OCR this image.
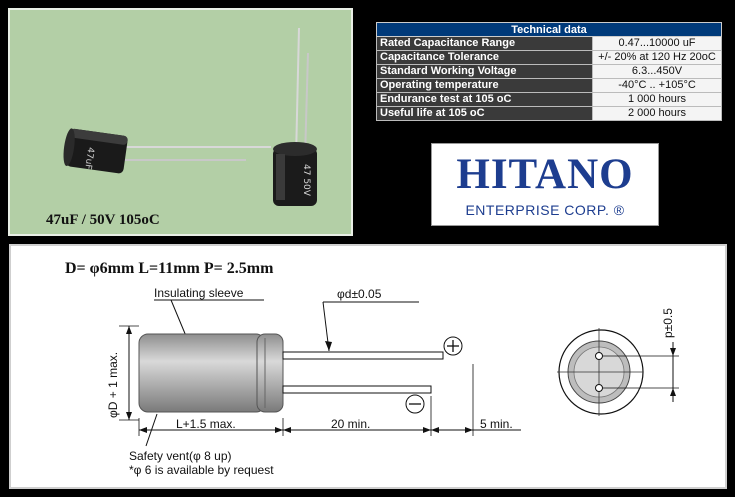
47uF
47 50V
47uF / 50V 105oC
Technical data	
Rated Capacitance Range	0.47...10000 uF
Capacitance Tolerance	+/- 20% at 120 Hz 20oC
Standard Working Voltage	6.3...450V
Operating temperature	-40°C .. +105°C
Endurance test at 105 oC	1 000 hours
Useful life at 105 oC	2 000 hours
HITANO
ENTERPRISE CORP. ®
D= φ6mm L=11mm P= 2.5mm
Insulating sleeve	φd±0.05
φD + 1 max.
L+1.5 max.	20 min.	5 min.
p±0.5
Safety vent(φ 8 up)
*φ 6 is available by request
